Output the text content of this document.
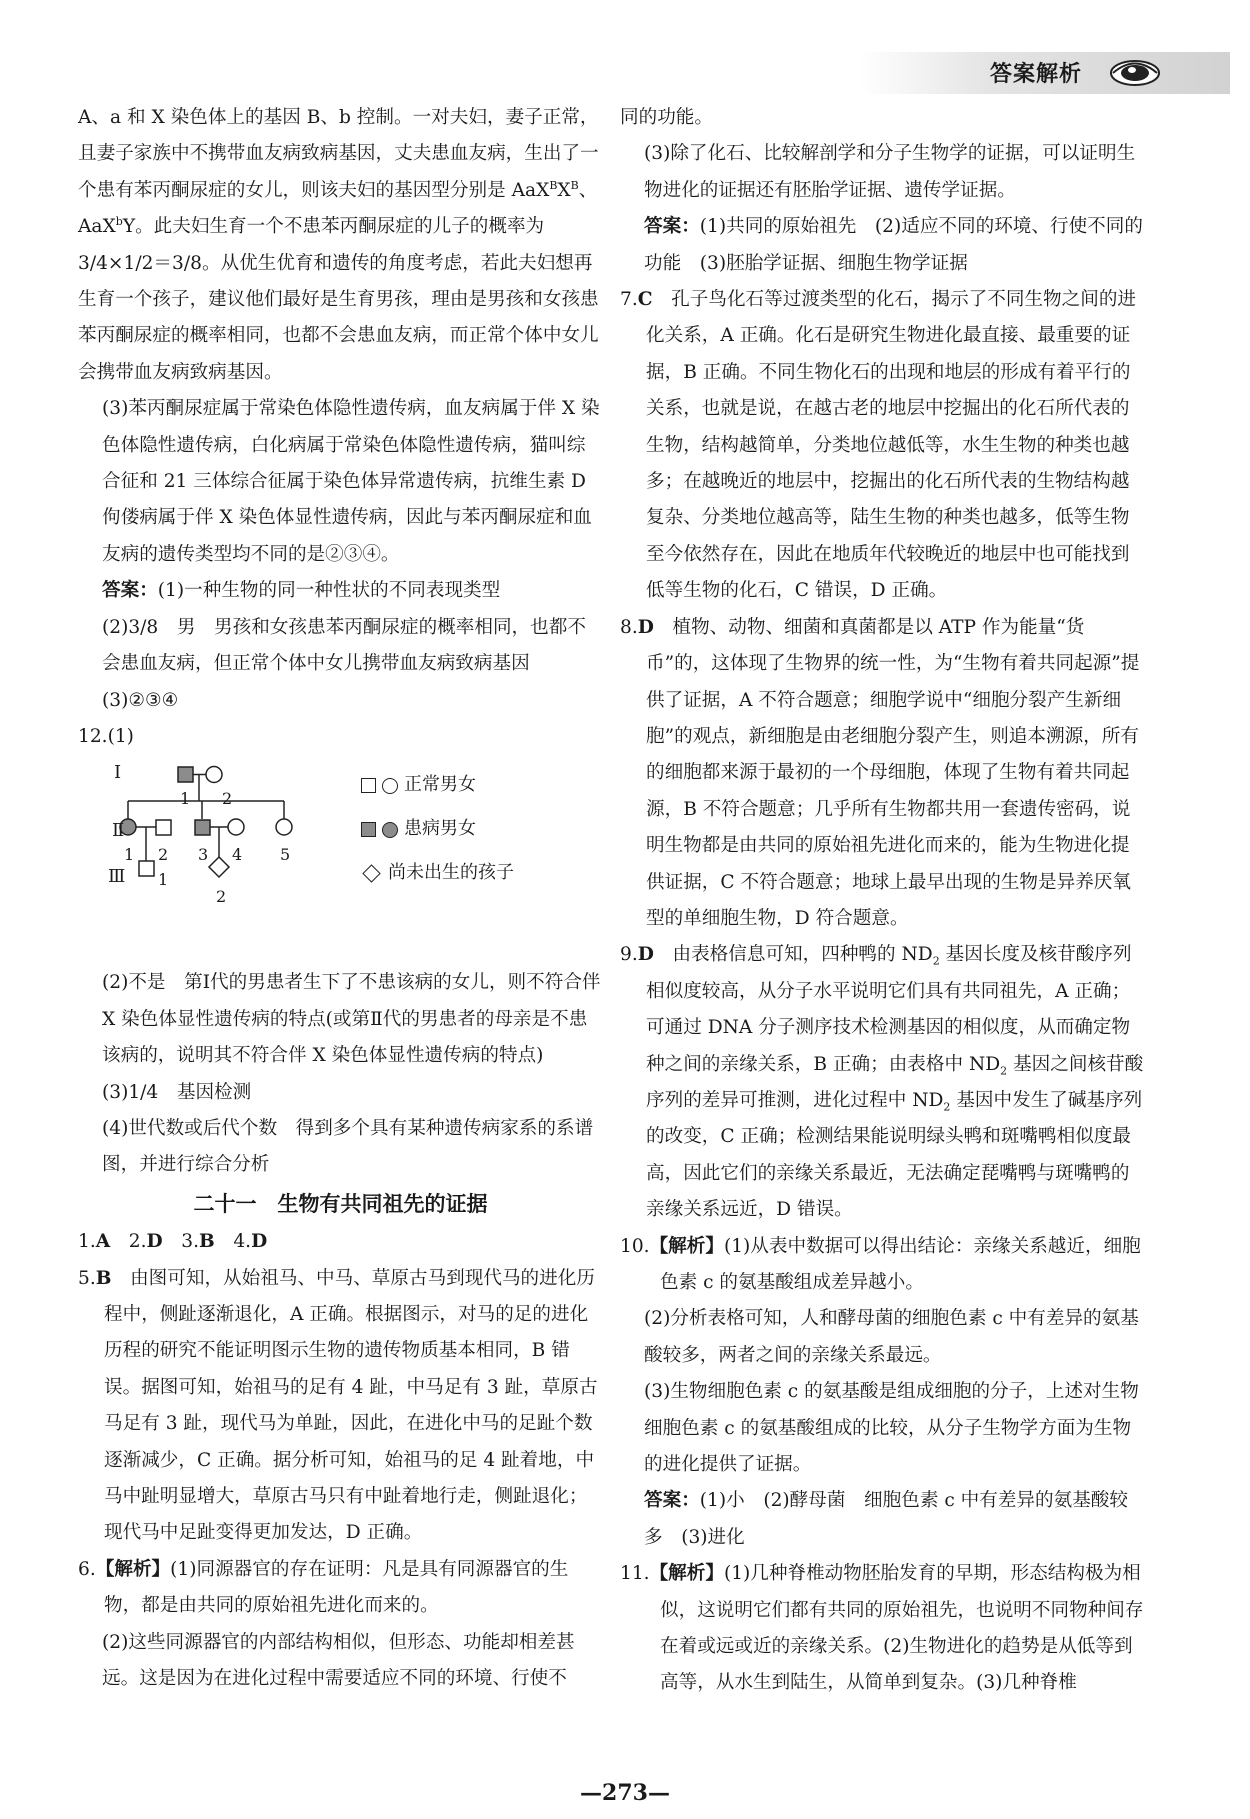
答案解析

A、a 和 X 染色体上的基因 B、b 控制。一对夫妇，妻子正常，且妻子家族中不携带血友病致病基因，丈夫患血友病，生出了一个患有苯丙酮尿症的女儿，则该夫妇的基因型分别是 $AaX^BX^B$、AaX$^b$Y。此夫妇生育一个不患苯丙酮尿症的儿子的概率为 3/4×1/2＝3/8。从优生优育和遗传的角度考虑，若此夫妇想再生育一个孩子，建议他们最好是生育男孩，理由是男孩和女孩患苯丙酮尿症的概率相同，也都不会患血友病，而正常个体中女儿会携带血友病致病基因。

(3)苯丙酮尿症属于常染色体隐性遗传病，血友病属于伴 X 染色体隐性遗传病，白化病属于常染色体隐性遗传病，猫叫综合征和 21 三体综合征属于染色体异常遗传病，抗维生素 D 佝偻病属于伴 X 染色体显性遗传病，因此与苯丙酮尿症和血友病的遗传类型均不同的是②③④。

答案：(1)一种生物的同一种性状的不同表现类型

(2)3/8　男　男孩和女孩患苯丙酮尿症的概率相同，也都不会患血友病，但正常个体中女儿携带血友病致病基因

(3)②③④

12.(1)

Ⅰ
Ⅱ
Ⅲ
1 2
1 2 3 4 5
1
2
正常男女
患病男女
尚未出生的孩子

(2)不是　第Ⅰ代的男患者生下了不患该病的女儿，则不符合伴 X 染色体显性遗传病的特点(或第Ⅱ代的男患者的母亲是不患该病的，说明其不符合伴 X 染色体显性遗传病的特点)

(3)1/4　基因检测

(4)世代数或后代个数　得到多个具有某种遗传病家系的系谱图，并进行综合分析

二十一　生物有共同祖先的证据

1.A　2.D　3.B　4.D

5.B　由图可知，从始祖马、中马、草原古马到现代马的进化历程中，侧趾逐渐退化，A 正确。根据图示，对马的足的进化历程的研究不能证明图示生物的遗传物质基本相同，B 错误。据图可知，始祖马的足有 4 趾，中马足有 3 趾，草原古马足有 3 趾，现代马为单趾，因此，在进化中马的足趾个数逐渐减少，C 正确。据分析可知，始祖马的足 4 趾着地，中马中趾明显增大，草原古马只有中趾着地行走，侧趾退化；现代马中足趾变得更加发达，D 正确。

6.【解析】(1)同源器官的存在证明：凡是具有同源器官的生物，都是由共同的原始祖先进化而来的。

(2)这些同源器官的内部结构相似，但形态、功能却相差甚远。这是因为在进化过程中需要适应不同的环境、行使不

同的功能。

(3)除了化石、比较解剖学和分子生物学的证据，可以证明生物进化的证据还有胚胎学证据、遗传学证据。

答案：(1)共同的原始祖先　(2)适应不同的环境、行使不同的功能　(3)胚胎学证据、细胞生物学证据

7.C　孔子鸟化石等过渡类型的化石，揭示了不同生物之间的进化关系，A 正确。化石是研究生物进化最直接、最重要的证据，B 正确。不同生物化石的出现和地层的形成有着平行的关系，也就是说，在越古老的地层中挖掘出的化石所代表的生物，结构越简单，分类地位越低等，水生生物的种类也越多；在越晚近的地层中，挖掘出的化石所代表的生物结构越复杂、分类地位越高等，陆生生物的种类也越多，低等生物至今依然存在，因此在地质年代较晚近的地层中也可能找到低等生物的化石，C 错误，D 正确。

8.D　植物、动物、细菌和真菌都是以 ATP 作为能量“货币”的，这体现了生物界的统一性，为“生物有着共同起源”提供了证据，A 不符合题意；细胞学说中“细胞分裂产生新细胞”的观点，新细胞是由老细胞分裂产生，则追本溯源，所有的细胞都来源于最初的一个母细胞，体现了生物有着共同起源，B 不符合题意；几乎所有生物都共用一套遗传密码，说明生物都是由共同的原始祖先进化而来的，能为生物进化提供证据，C 不符合题意；地球上最早出现的生物是异养厌氧型的单细胞生物，D 符合题意。

9.D　由表格信息可知，四种鸭的 $ND_2$ 基因长度及核苷酸序列相似度较高，从分子水平说明它们具有共同祖先，A 正确；可通过 DNA 分子测序技术检测基因的相似度，从而确定物种之间的亲缘关系，B 正确；由表格中 $ND_2$ 基因之间核苷酸序列的差异可推测，进化过程中 $ND_2$ 基因中发生了碱基序列的改变，C 正确；检测结果能说明绿头鸭和斑嘴鸭相似度最高，因此它们的亲缘关系最近，无法确定琵嘴鸭与斑嘴鸭的亲缘关系远近，D 错误。

10.【解析】(1)从表中数据可以得出结论：亲缘关系越近，细胞色素 c 的氨基酸组成差异越小。

(2)分析表格可知，人和酵母菌的细胞色素 c 中有差异的氨基酸较多，两者之间的亲缘关系最远。

(3)生物细胞色素 c 的氨基酸是组成细胞的分子，上述对生物细胞色素 c 的氨基酸组成的比较，从分子生物学方面为生物的进化提供了证据。

答案：(1)小　(2)酵母菌　细胞色素 c 中有差异的氨基酸较多　(3)进化

11.【解析】(1)几种脊椎动物胚胎发育的早期，形态结构极为相似，这说明它们都有共同的原始祖先，也说明不同物种间存在着或远或近的亲缘关系。(2)生物进化的趋势是从低等到高等，从水生到陆生，从简单到复杂。(3)几种脊椎

—273—
